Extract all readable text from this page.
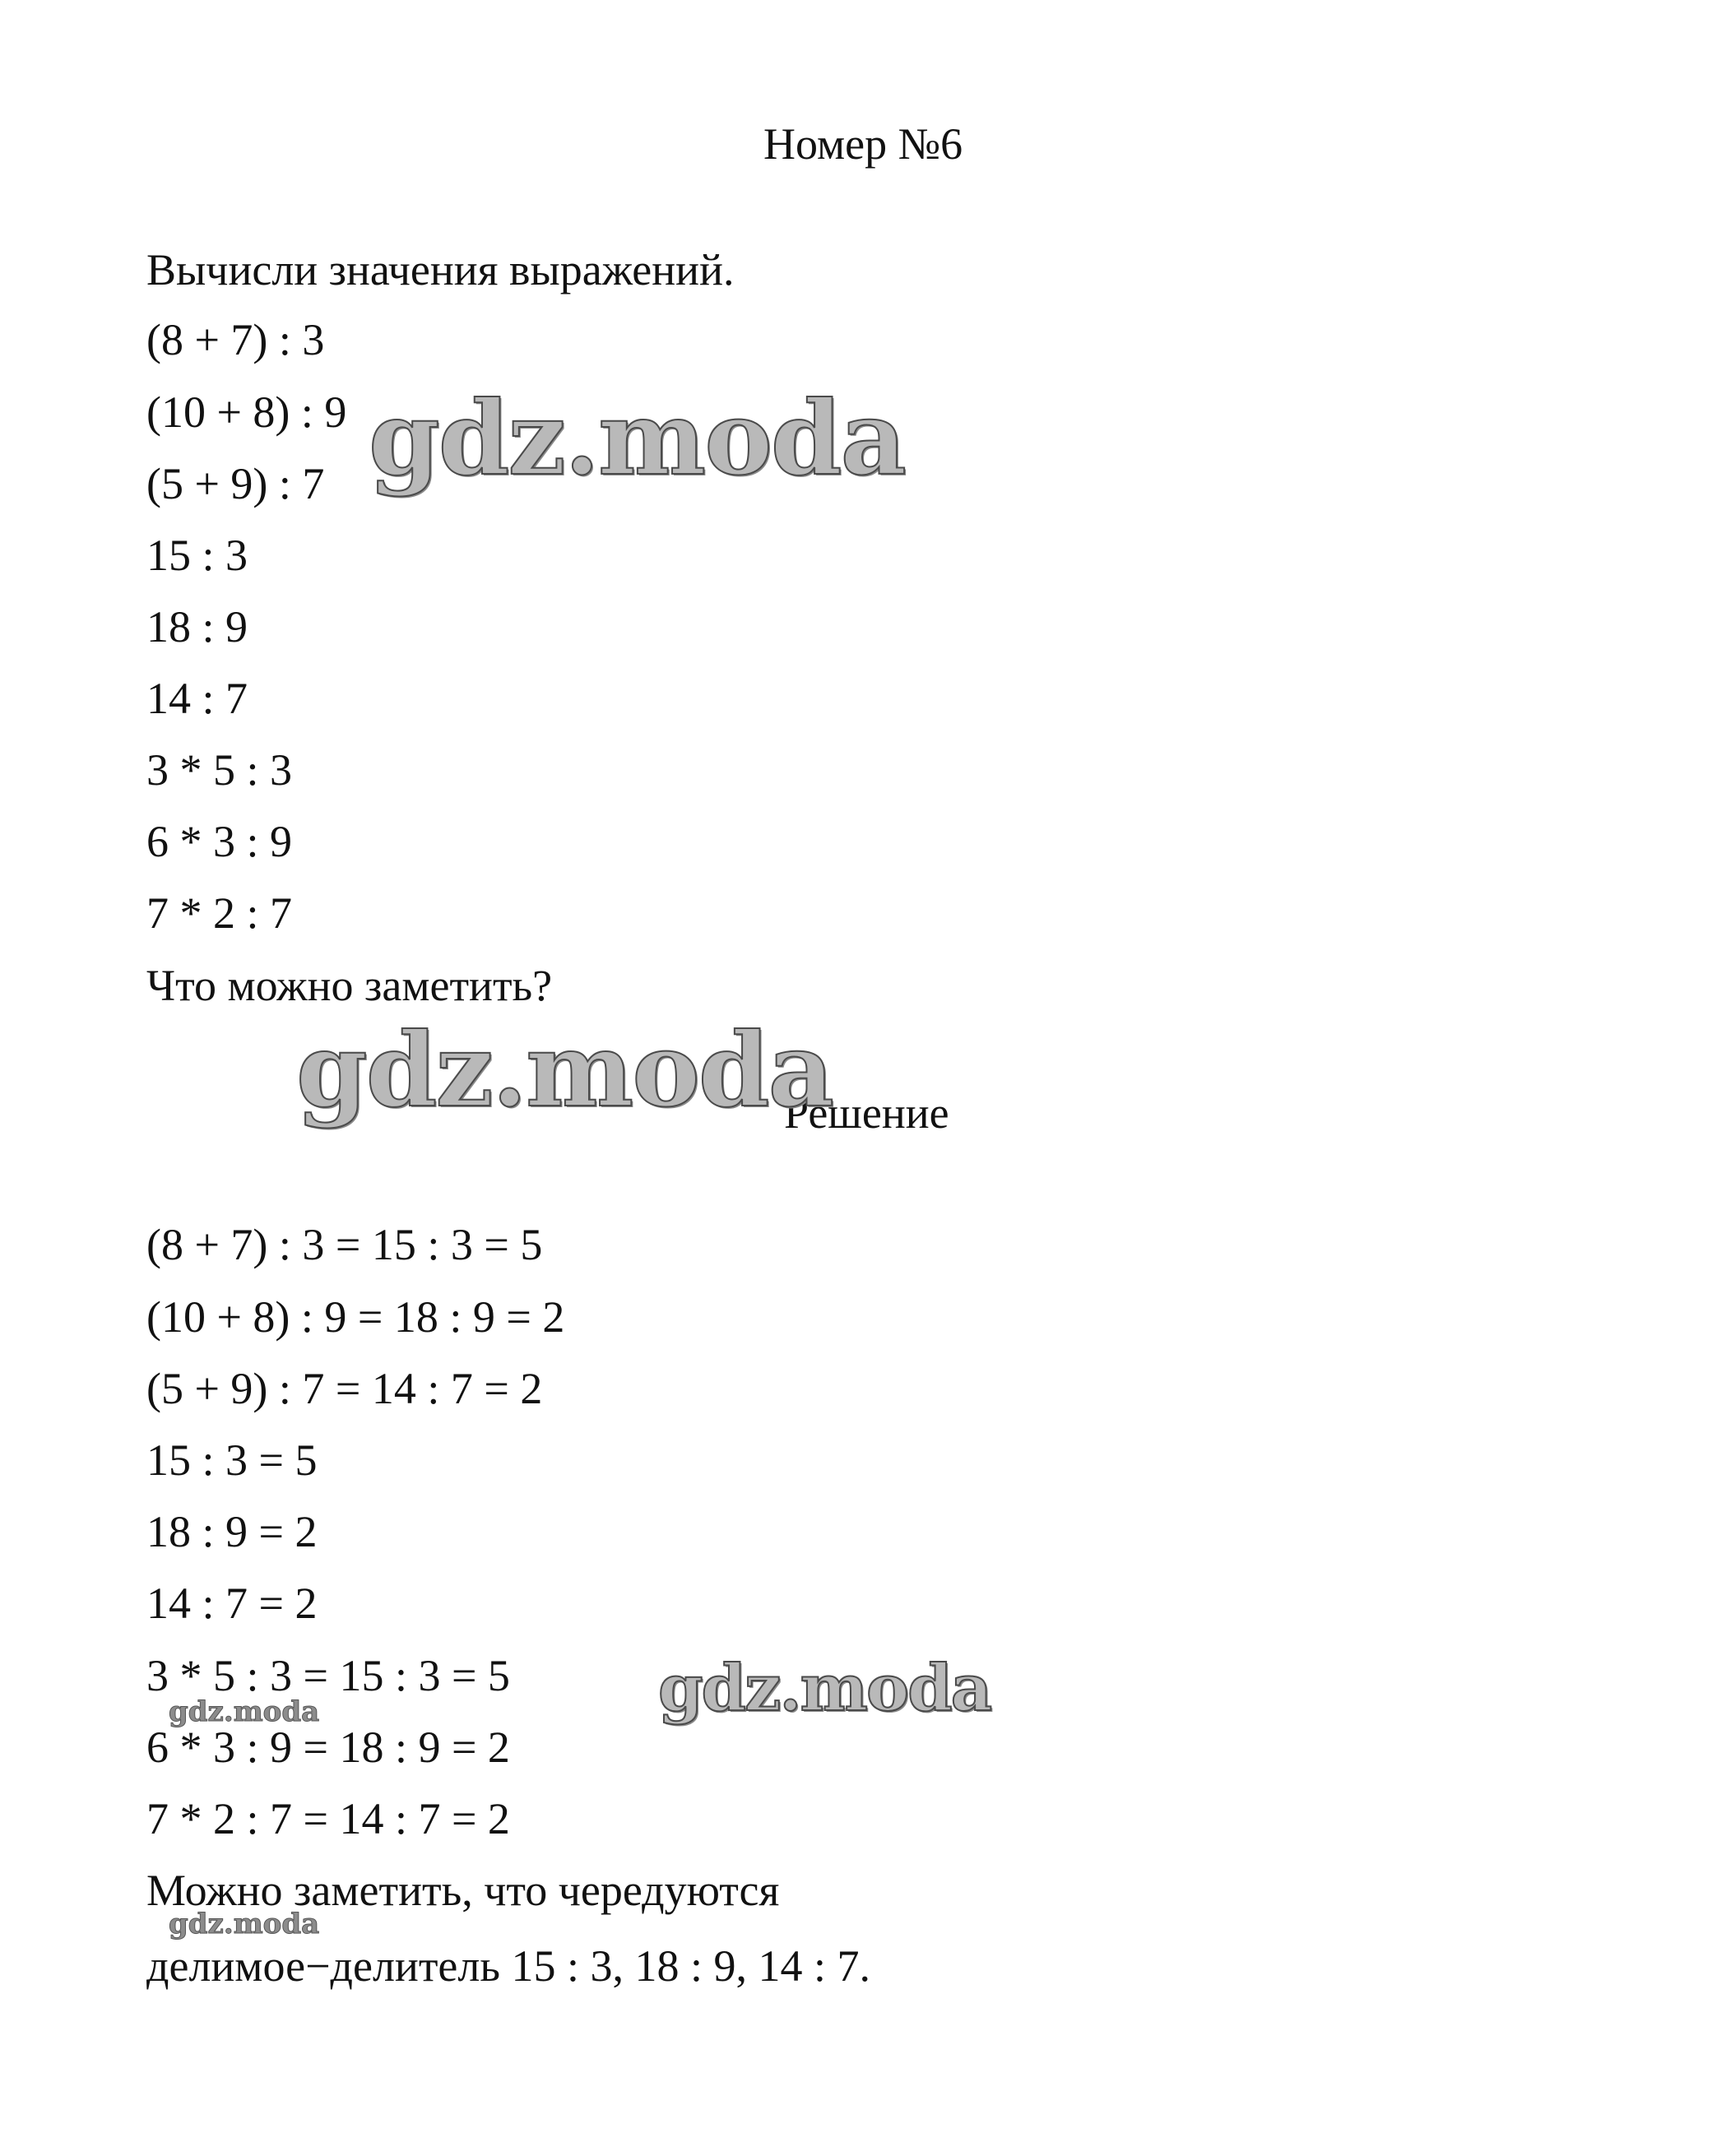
Номер №6
Вычисли значения выражений.
(8 + 7) : 3
(10 + 8) : 9
(5 + 9) : 7
15 : 3
18 : 9
14 : 7
3 * 5 : 3
6 * 3 : 9
7 * 2 : 7
Что можно заметить?
Решение
(8 + 7) : 3 = 15 : 3 = 5
(10 + 8) : 9 = 18 : 9 = 2
(5 + 9) : 7 = 14 : 7 = 2
15 : 3 = 5
18 : 9 = 2
14 : 7 = 2
3 * 5 : 3 = 15 : 3 = 5
6 * 3 : 9 = 18 : 9 = 2
7 * 2 : 7 = 14 : 7 = 2
Можно заметить, что чередуются
делимое−делитель 15 : 3, 18 : 9, 14 : 7.
gdz.moda
gdz.moda
gdz.moda
gdz.moda
gdz.moda
